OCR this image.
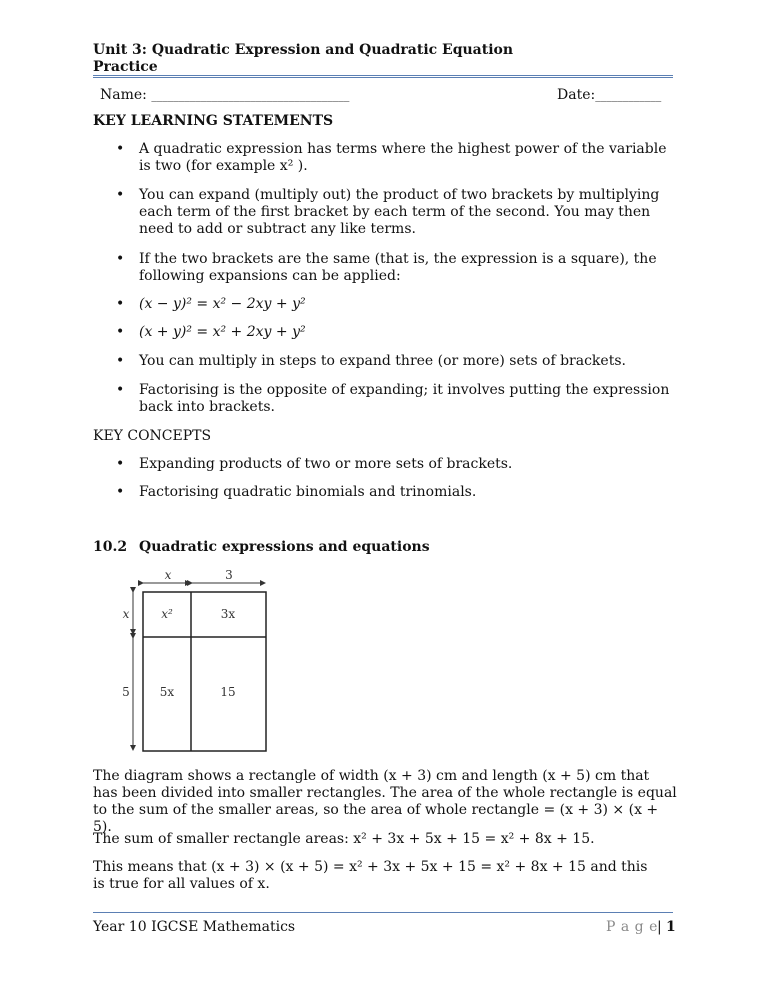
Unit 3: Quadratic Expression and Quadratic Equation
Practice
Name: ____________________________________	Date:____________
KEY LEARNING STATEMENTS
• A quadratic expression has terms where the highest power of the variable is two (for example x² ).
• You can expand (multiply out) the product of two brackets by multiplying each term of the first bracket by each term of the second. You may then need to add or subtract any like terms.
• If the two brackets are the same (that is, the expression is a square), the following expansions can be applied:
• (x − y)² = x² − 2xy + y²
• (x + y)² = x² + 2xy + y²
• You can multiply in steps to expand three (or more) sets of brackets.
• Factorising is the opposite of expanding; it involves putting the expression back into brackets.
KEY CONCEPTS
• Expanding products of two or more sets of brackets.
• Factorising quadratic binomials and trinomials.
10.2 Quadratic expressions and equations
x	3
x
5
x²	3x
5x	15
The diagram shows a rectangle of width (x + 3) cm and length (x + 5) cm that has been divided into smaller rectangles. The area of the whole rectangle is equal to the sum of the smaller areas, so the area of whole rectangle = (x + 3) × (x + 5).
The sum of smaller rectangle areas: x² + 3x + 5x + 15 = x² + 8x + 15.
This means that (x + 3) × (x + 5) = x² + 3x + 5x + 15 = x² + 8x + 15 and this is true for all values of x.
Year 10 IGCSE Mathematics	P a g e | 1
